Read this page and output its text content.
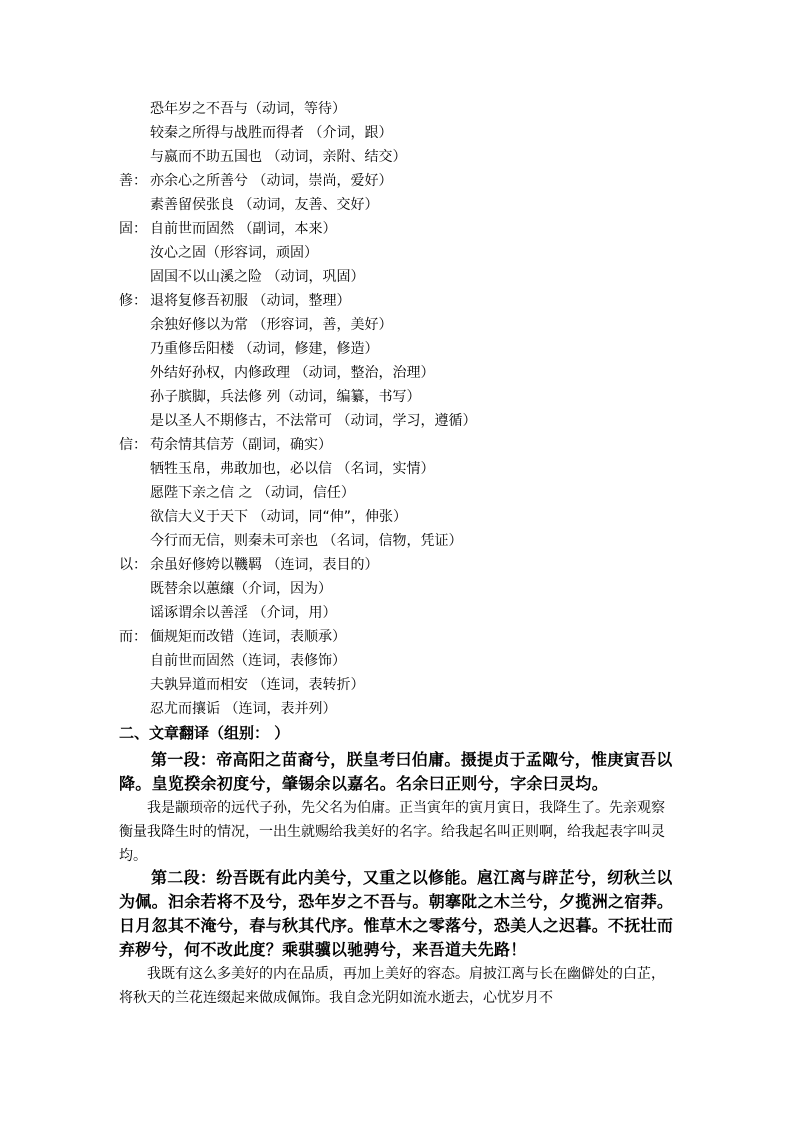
恐年岁之不吾与（动词，等待）
较秦之所得与战胜而得者 （介词，跟）
与嬴而不助五国也 （动词，亲附、结交）
善： 亦余心之所善兮 （动词，崇尚，爱好）
素善留侯张良 （动词，友善、交好）
固： 自前世而固然 （副词，本来）
汝心之固（形容词，顽固）
固国不以山溪之险 （动词，巩固）
修： 退将复修吾初服 （动词，整理）
余独好修以为常 （形容词，善，美好）
乃重修岳阳楼 （动词，修建，修造）
外结好孙权，内修政理 （动词，整治，治理）
孙子膑脚，兵法修 列（动词，编纂，书写）
是以圣人不期修古，不法常可 （动词，学习，遵循）
信： 苟余情其信芳（副词，确实）
牺牲玉帛，弗敢加也，必以信 （名词，实情）
愿陛下亲之信 之 （动词，信任）
欲信大义于天下 （动词，同“伸”，伸张）
今行而无信，则秦未可亲也 （名词，信物，凭证）
以： 余虽好修姱以鞿羁 （连词，表目的）
既替余以蕙纕（介词，因为）
谣诼谓余以善淫 （介词，用）
而： 偭规矩而改错（连词，表顺承）
自前世而固然（连词，表修饰）
夫孰异道而相安 （连词，表转折）
忍尤而攘诟 （连词，表并列）
二、文章翻译（组别： ）
第一段：帝高阳之苗裔兮，朕皇考曰伯庸。摄提贞于孟陬兮，惟庚寅吾以降。皇览揆余初度兮，肇锡余以嘉名。名余曰正则兮，字余曰灵均。
我是颛顼帝的远代子孙，先父名为伯庸。正当寅年的寅月寅日，我降生了。先亲观察衡量我降生时的情况，一出生就赐给我美好的名字。给我起名叫正则啊，给我起表字叫灵均。
第二段：纷吾既有此内美兮，又重之以修能。扈江离与辟芷兮，纫秋兰以为佩。汩余若将不及兮，恐年岁之不吾与。朝搴阰之木兰兮，夕揽洲之宿莽。日月忽其不淹兮，春与秋其代序。惟草木之零落兮，恐美人之迟暮。不抚壮而弃秽兮，何不改此度？乘骐骥以驰骋兮，来吾道夫先路！
我既有这么多美好的内在品质，再加上美好的容态。肩披江离与长在幽僻处的白芷，将秋天的兰花连缀起来做成佩饰。我自念光阴如流水逝去，心忧岁月不
